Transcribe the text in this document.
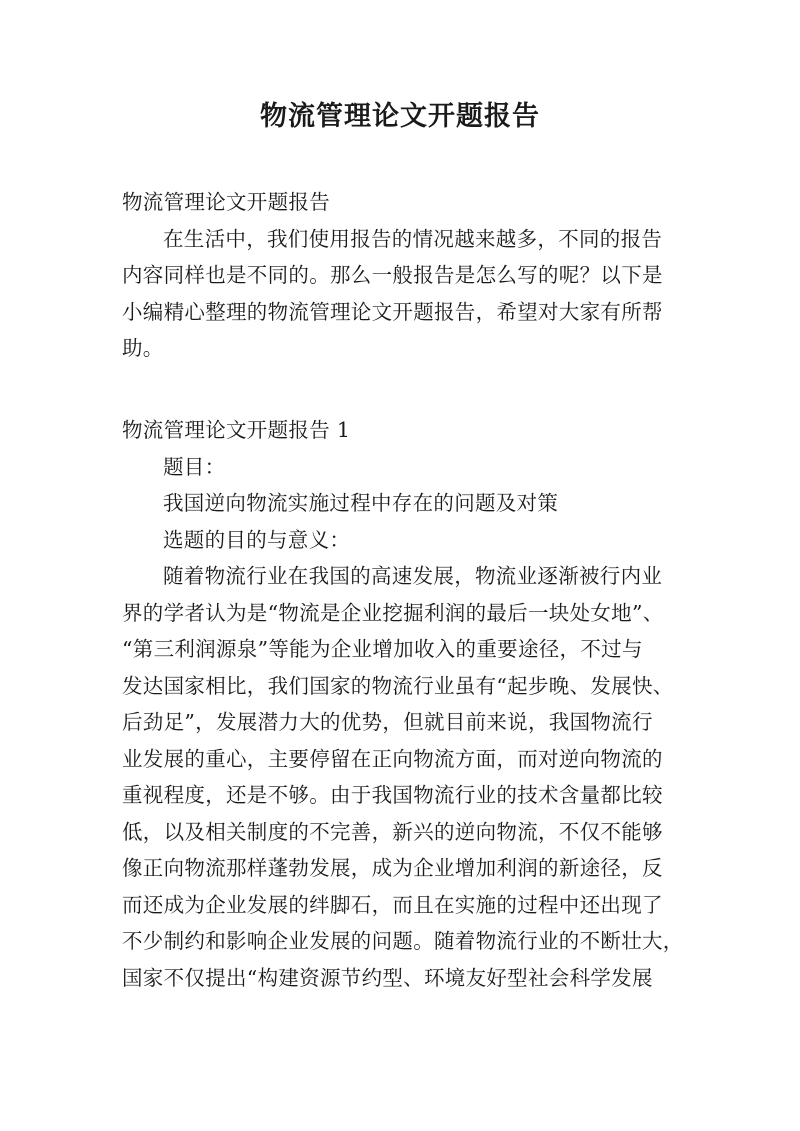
物流管理论文开题报告
物流管理论文开题报告
在生活中，我们使用报告的情况越来越多，不同的报告
内容同样也是不同的。那么一般报告是怎么写的呢？以下是
小编精心整理的物流管理论文开题报告，希望对大家有所帮
助。
物流管理论文开题报告 1
题目：
我国逆向物流实施过程中存在的问题及对策
选题的目的与意义：
随着物流行业在我国的高速发展，物流业逐渐被行内业
界的学者认为是“物流是企业挖掘利润的最后一块处女地”、
“第三利润源泉”等能为企业增加收入的重要途径，不过与
发达国家相比，我们国家的物流行业虽有“起步晚、发展快、
后劲足”，发展潜力大的优势，但就目前来说，我国物流行
业发展的重心，主要停留在正向物流方面，而对逆向物流的
重视程度，还是不够。由于我国物流行业的技术含量都比较
低，以及相关制度的不完善，新兴的逆向物流，不仅不能够
像正向物流那样蓬勃发展，成为企业增加利润的新途径，反
而还成为企业发展的绊脚石，而且在实施的过程中还出现了
不少制约和影响企业发展的问题。随着物流行业的不断壮大，
国家不仅提出“构建资源节约型、环境友好型社会科学发展
